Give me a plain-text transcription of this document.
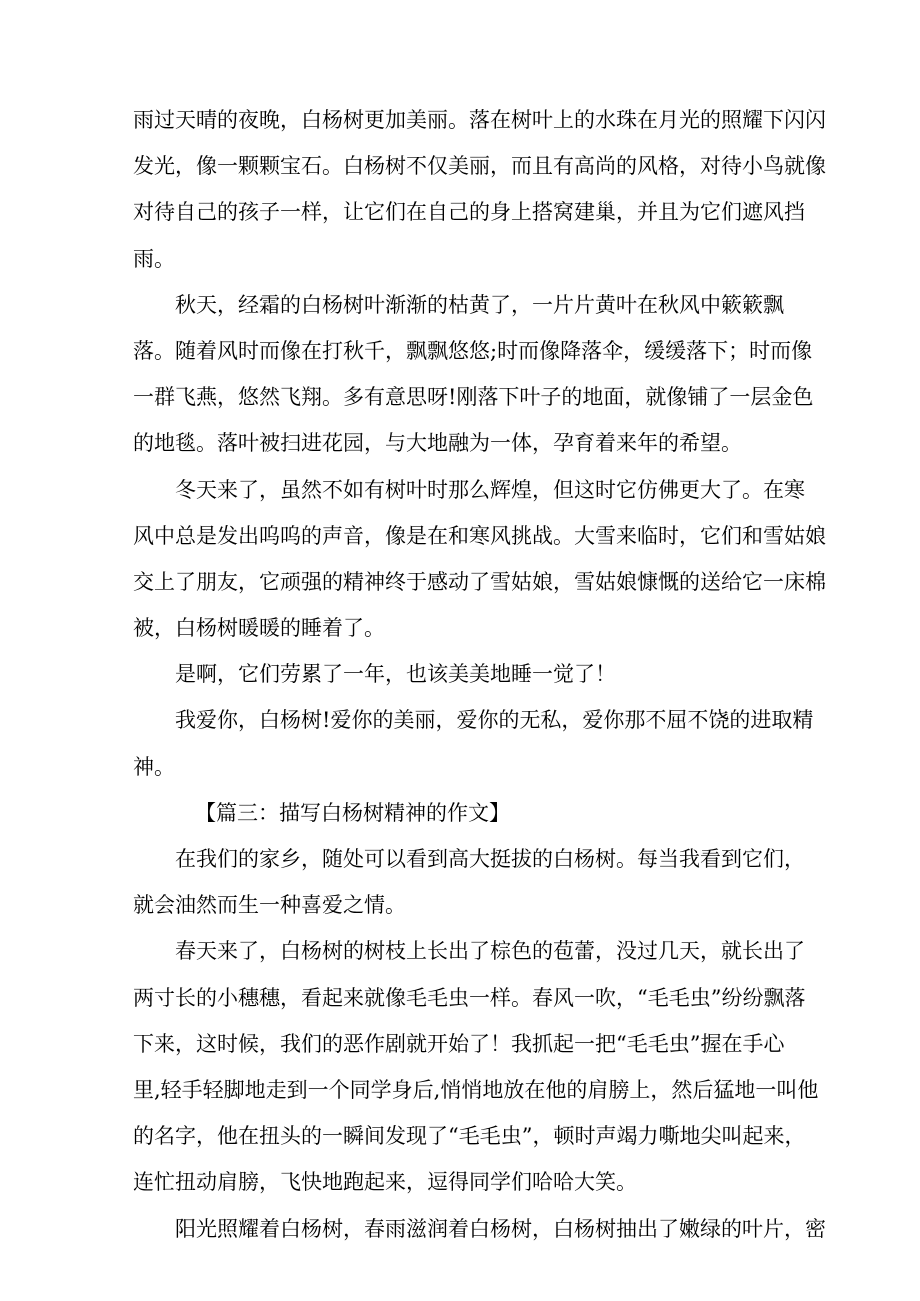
雨过天晴的夜晚，白杨树更加美丽。落在树叶上的水珠在月光的照耀下闪闪
发光，像一颗颗宝石。白杨树不仅美丽，而且有高尚的风格，对待小鸟就像
对待自己的孩子一样，让它们在自己的身上搭窝建巢，并且为它们遮风挡
雨。
秋天，经霜的白杨树叶渐渐的枯黄了，一片片黄叶在秋风中簌簌飘
落。随着风时而像在打秋千，飘飘悠悠;时而像降落伞，缓缓落下；时而像
一群飞燕，悠然飞翔。多有意思呀!刚落下叶子的地面，就像铺了一层金色
的地毯。落叶被扫进花园，与大地融为一体，孕育着来年的希望。
冬天来了，虽然不如有树叶时那么辉煌，但这时它仿佛更大了。在寒
风中总是发出呜呜的声音，像是在和寒风挑战。大雪来临时，它们和雪姑娘
交上了朋友，它顽强的精神终于感动了雪姑娘，雪姑娘慷慨的送给它一床棉
被，白杨树暖暖的睡着了。
是啊，它们劳累了一年，也该美美地睡一觉了！
我爱你，白杨树!爱你的美丽，爱你的无私，爱你那不屈不饶的进取精
神。
【篇三：描写白杨树精神的作文】
在我们的家乡，随处可以看到高大挺拔的白杨树。每当我看到它们，
就会油然而生一种喜爱之情。
春天来了，白杨树的树枝上长出了棕色的苞蕾，没过几天，就长出了
两寸长的小穗穗，看起来就像毛毛虫一样。春风一吹，“毛毛虫”纷纷飘落
下来，这时候，我们的恶作剧就开始了！我抓起一把“毛毛虫”握在手心
里,轻手轻脚地走到一个同学身后,悄悄地放在他的肩膀上，然后猛地一叫他
的名字，他在扭头的一瞬间发现了“毛毛虫”，顿时声竭力嘶地尖叫起来，
连忙扭动肩膀，飞快地跑起来，逗得同学们哈哈大笑。
阳光照耀着白杨树，春雨滋润着白杨树，白杨树抽出了嫩绿的叶片，密
